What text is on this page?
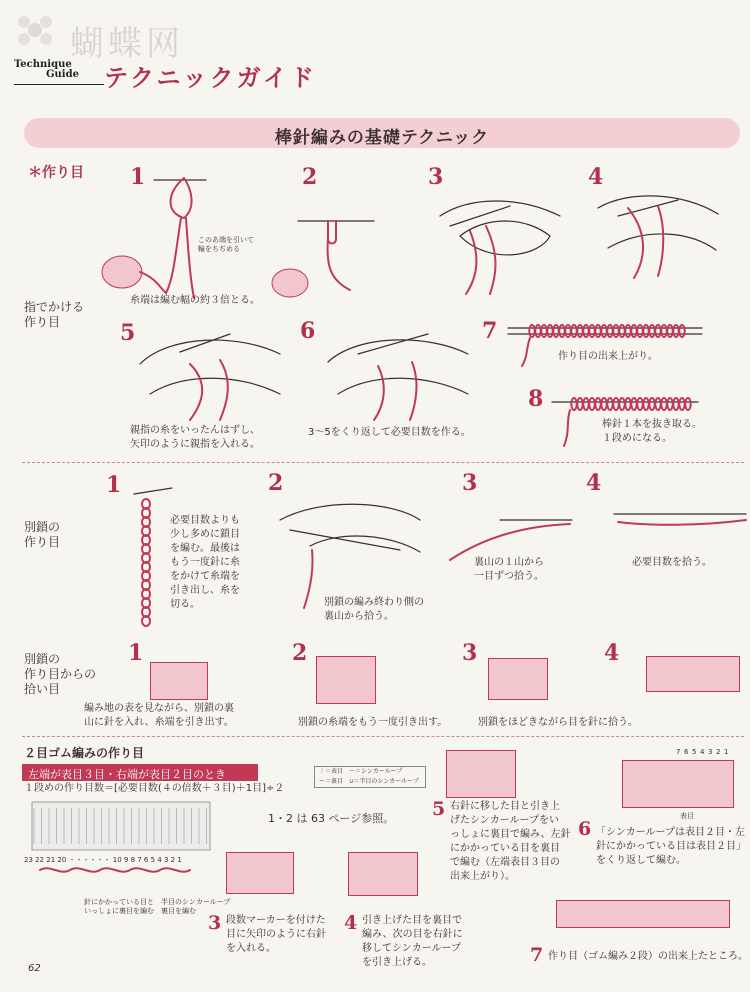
蝴蝶网
Technique
Guide テクニックガイド
棒針編みの基礎テクニック
＊作り目
指でかける
作り目
1	2	3	4
5	6	7
8
このあ端を引いて
輪をちぢめる
糸端は編む幅の約３倍とる。
親指の糸をいったんはずし、
矢印のように親指を入れる。
3〜5をくり返して必要目数を作る。
作り目の出来上がり。
棒針１本を抜き取る。
１段めになる。
別鎖の
作り目
1	2	3	4
必要目数よりも
少し多めに鎖目
を編む。最後は
もう一度針に糸
をかけて糸端を
引き出し、糸を
切る。	別鎖の編み終わり側の
裏山から拾う。
裏山の１山から
一目ずつ拾う。
必要目数を拾う。
別鎖の
作り目からの
拾い目
1	2	3	4
編み地の表を見ながら、別鎖の裏
山に針を入れ、糸端を引き出す。	別鎖の糸端をもう一度引き出す。	別鎖をほどきながら目を針に拾う。
２目ゴム編みの作り目
左端が表目３目・右端が表目２目のとき
１段めの作り目数＝[必要目数(４の倍数＋３目)＋1目]÷２
｜＝表目　〜＝シンカーループ
ー＝裏目　∪＝半目のシンカーループ
23 22 21 20 ・・・・・・ 10 9 8 7 6 5 4 3 2 1
針にかかっている目と　半目のシンカーループ
いっしょに裏目を編む　裏目を編む
1・2 は 63 ページ参照。
3 段数マーカーを付けた
目に矢印のように右針
を入れる。
4 引き上げた目を裏目で
編み、次の目を右針に
移してシンカーループ
を引き上げる。
5 右針に移した目と引き上
げたシンカーループをい
っしょに裏目で編み、左針
にかかっている目を裏目
で編む（左端表目３目の
出来上がり）。
6 「シンカーループは表目２目・左
針にかかっている目は表目２目」
をくり返して編む。
7 作り目（ゴム編み２段）の出来上たところ。
7 6 5 4 3 2 1
表目
62
